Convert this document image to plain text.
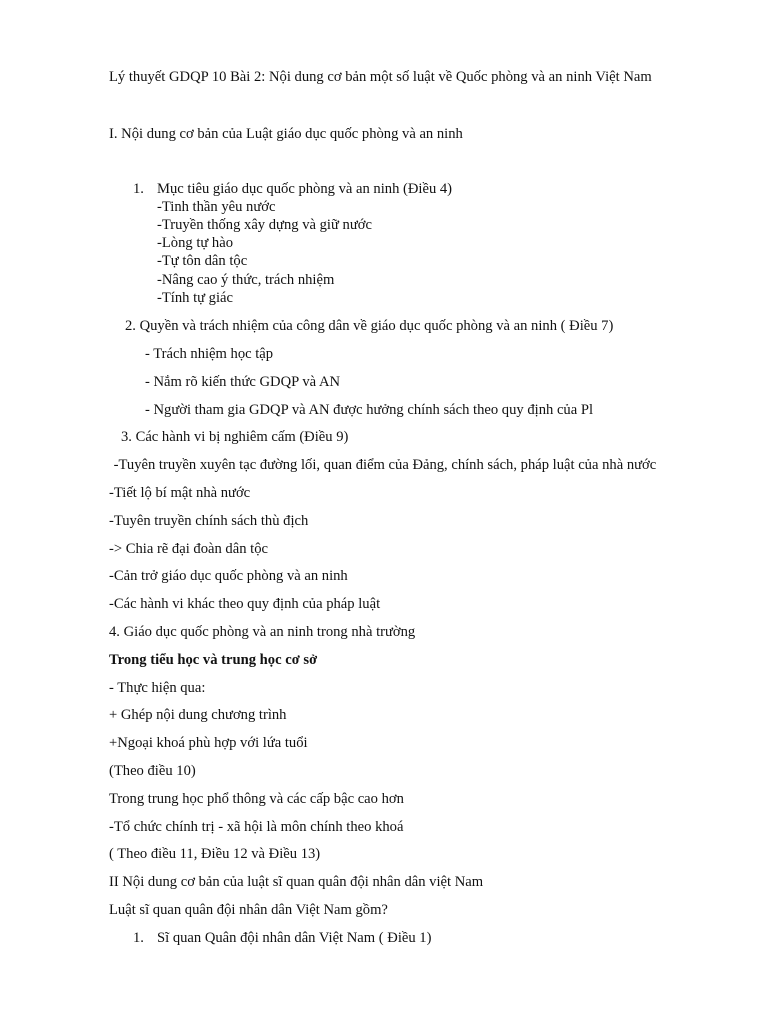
Lý thuyết GDQP 10 Bài 2: Nội dung cơ bản một số luật về Quốc phòng và an ninh Việt Nam
I. Nội dung cơ bản của Luật giáo dục quốc phòng và an ninh
1. Mục tiêu giáo dục quốc phòng và an ninh (Điều 4)
-Tinh thần yêu nước
-Truyền thống xây dựng và giữ nước
-Lòng tự hào
-Tự tôn dân tộc
-Nâng cao ý thức, trách nhiệm
-Tính tự giác
2. Quyền và trách nhiệm của công dân về giáo dục quốc phòng và an ninh ( Điều 7)
- Trách nhiệm học tập
- Nắm rõ kiến thức GDQP và AN
- Người tham gia GDQP và AN được hưởng chính sách theo quy định của Pl
3. Các hành vi bị nghiêm cấm (Điều 9)
-Tuyên truyền xuyên tạc đường lối, quan điểm của Đảng, chính sách, pháp luật của nhà nước
-Tiết lộ bí mật nhà nước
-Tuyên truyền chính sách thù địch
-> Chia rẽ đại đoàn dân tộc
-Cản trở giáo dục quốc phòng và an ninh
-Các hành vi khác theo quy định của pháp luật
4. Giáo dục quốc phòng và an ninh trong nhà trường
Trong tiểu học và trung học cơ sở
- Thực hiện qua:
+ Ghép nội dung chương trình
+Ngoại khoá phù hợp với lứa tuổi
(Theo điều 10)
Trong trung học phổ thông và các cấp bậc cao hơn
-Tổ chức chính trị - xã hội là môn chính theo khoá
( Theo điều 11, Điều 12 và Điều 13)
II Nội dung cơ bản của luật sĩ quan quân đội nhân dân việt Nam
Luật sĩ quan quân đội nhân dân Việt Nam gồm?
1. Sĩ quan Quân đội nhân dân Việt Nam ( Điều 1)
